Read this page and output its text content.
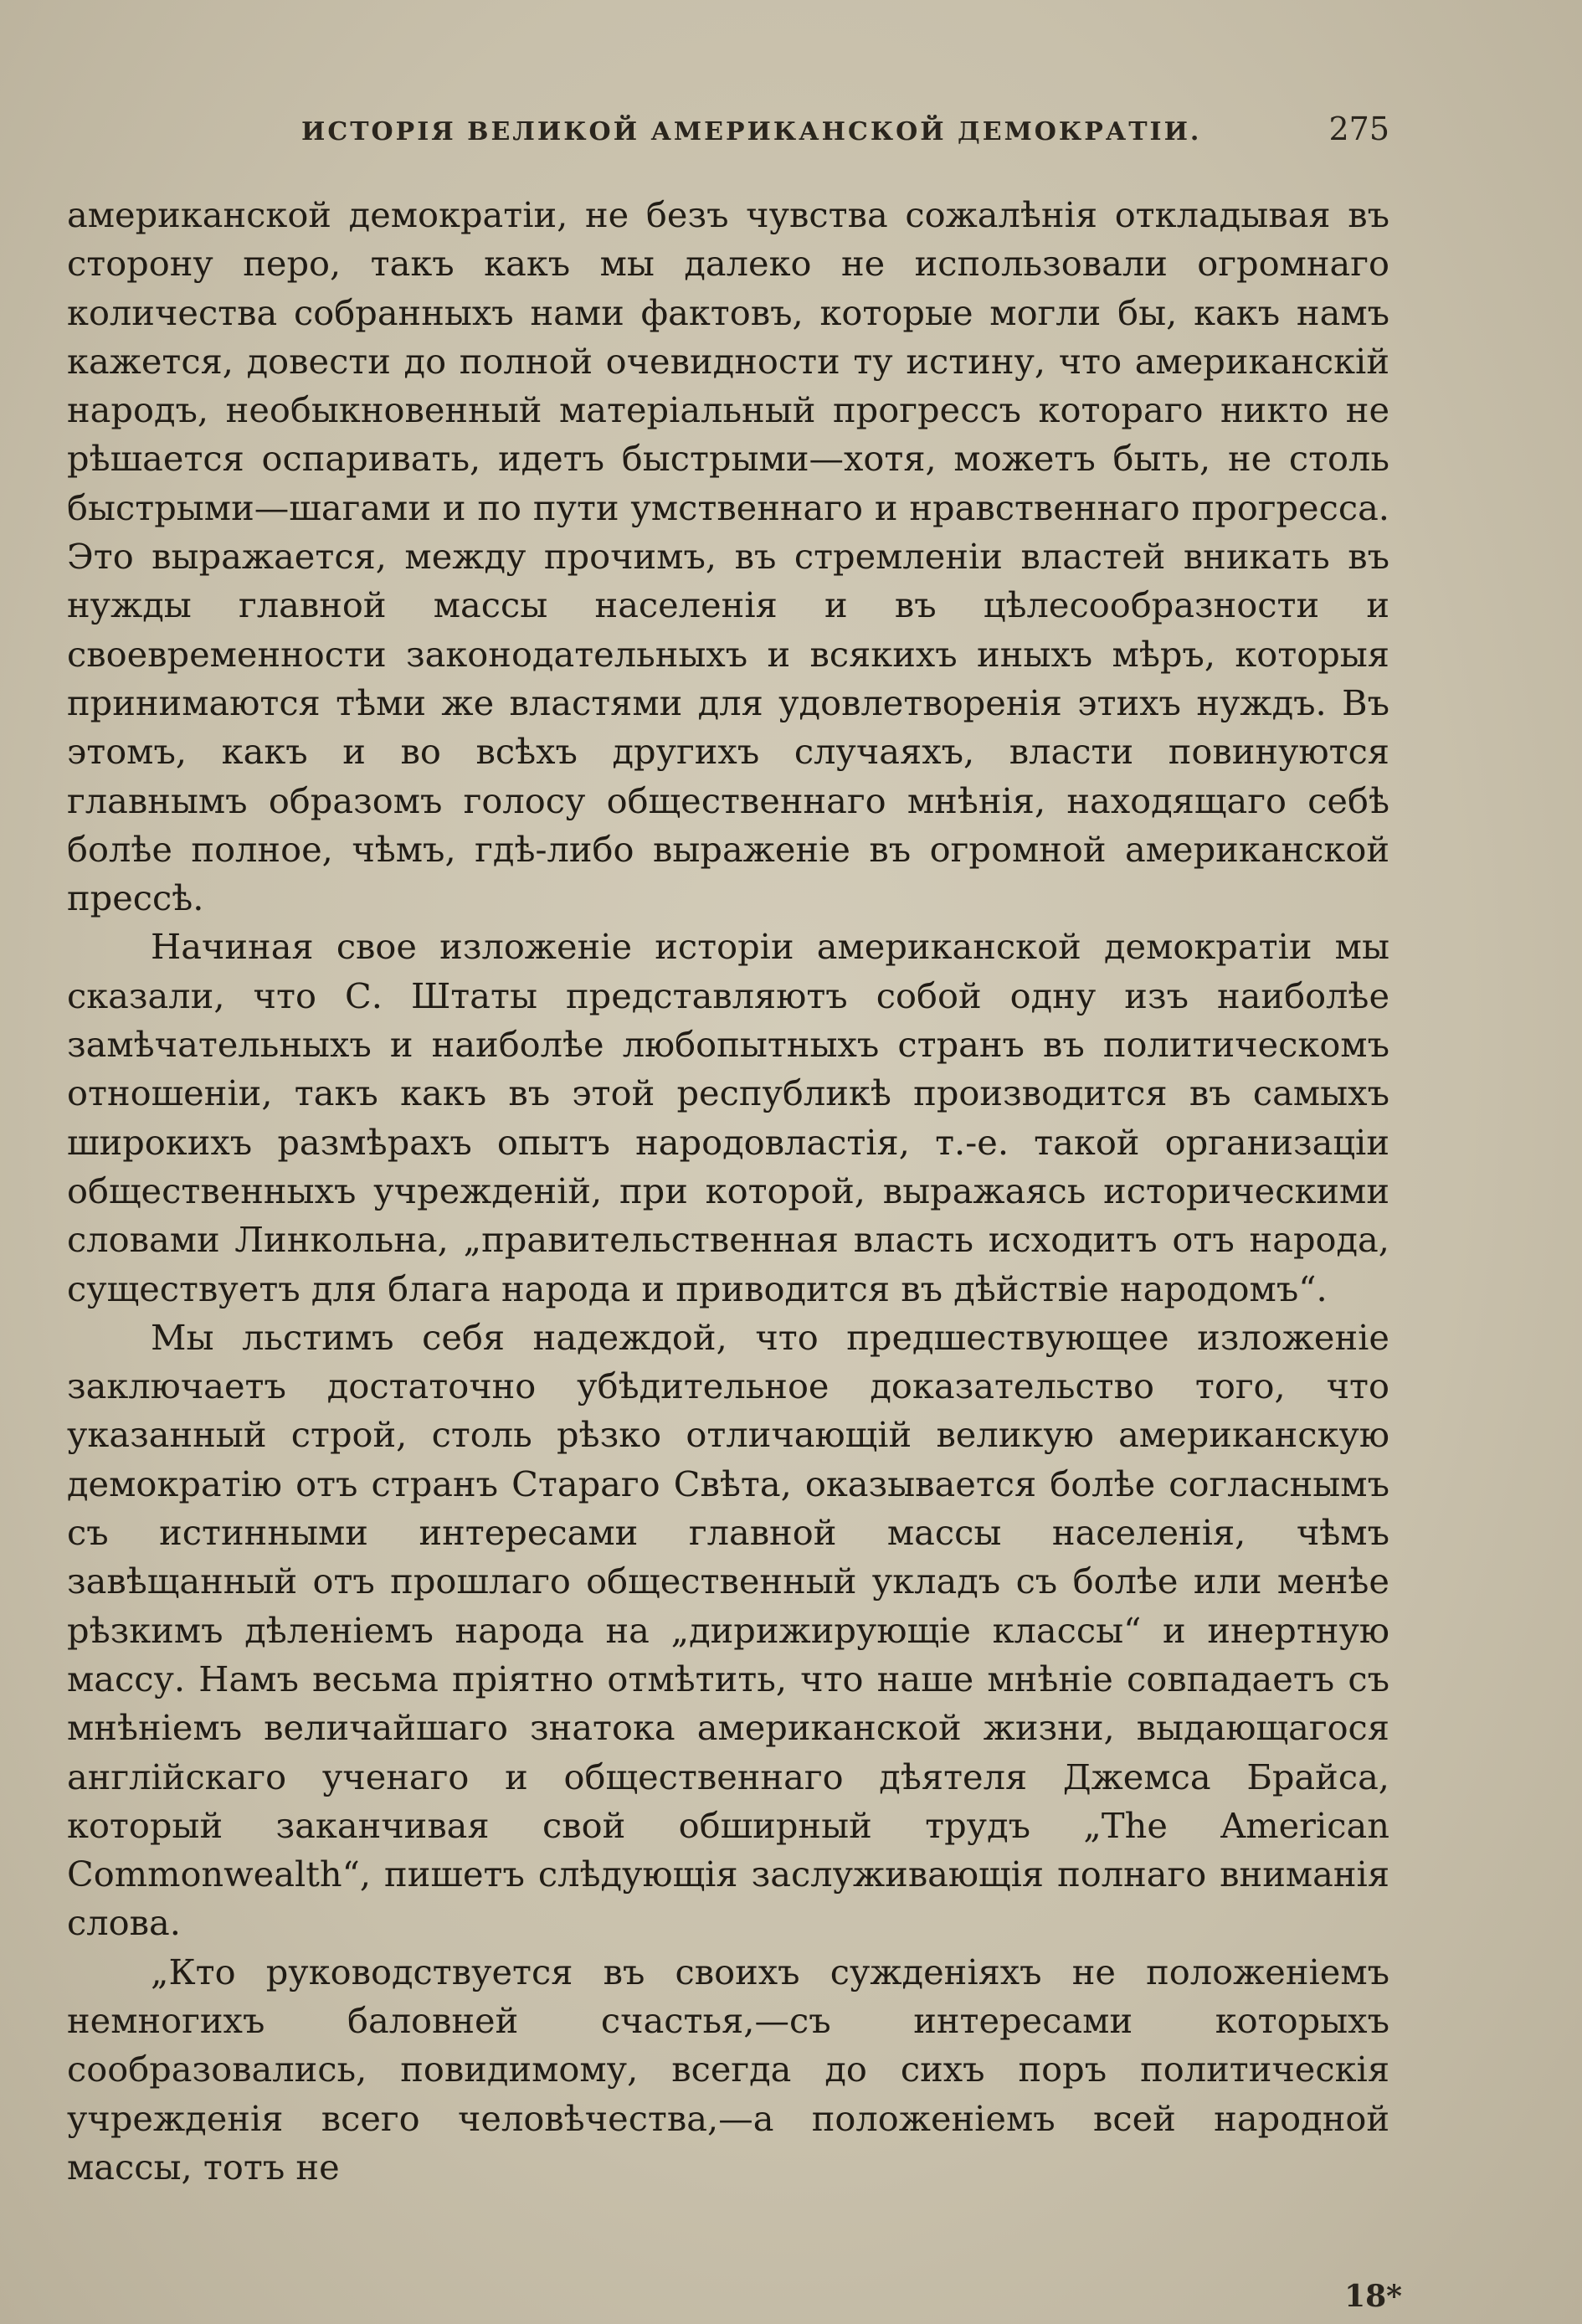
ИСТОРІЯ ВЕЛИКОЙ АМЕРИКАНСКОЙ ДЕМОКРАТІИ.	275

американской демократіи, не безъ чувства сожалѣнія откладывая въ сторону перо, такъ какъ мы далеко не использовали огромнаго количества собранныхъ нами фактовъ, которые могли бы, какъ намъ кажется, довести до полной очевидности ту истину, что американскій народъ, необыкновенный матеріальный прогрессъ котораго никто не рѣшается оспаривать, идетъ быстрыми—хотя, можетъ быть, не столь быстрыми—шагами и по пути умственнаго и нравственнаго прогресса. Это выражается, между прочимъ, въ стремленіи властей вникать въ нужды главной массы населенія и въ цѣлесообразности и своевременности законодательныхъ и всякихъ иныхъ мѣръ, которыя принимаются тѣми же властями для удовлетворенія этихъ нуждъ. Въ этомъ, какъ и во всѣхъ другихъ случаяхъ, власти повинуются главнымъ образомъ голосу общественнаго мнѣнія, находящаго себѣ болѣе полное, чѣмъ, гдѣ-либо выраженіе въ огромной американской прессѣ.

Начиная свое изложеніе исторіи американской демократіи мы сказали, что С. Штаты представляютъ собой одну изъ наиболѣе замѣчательныхъ и наиболѣе любопытныхъ странъ въ политическомъ отношеніи, такъ какъ въ этой республикѣ производится въ самыхъ широкихъ размѣрахъ опытъ народовластія, т.-е. такой организаціи общественныхъ учрежденій, при которой, выражаясь историческими словами Линкольна, „правительственная власть исходитъ отъ народа, существуетъ для блага народа и приводится въ дѣйствіе народомъ“.

Мы льстимъ себя надеждой, что предшествующее изложеніе заключаетъ достаточно убѣдительное доказательство того, что указанный строй, столь рѣзко отличающій великую американскую демократію отъ странъ Стараго Свѣта, оказывается болѣе согласнымъ съ истинными интересами главной массы населенія, чѣмъ завѣщанный отъ прошлаго общественный укладъ съ болѣе или менѣе рѣзкимъ дѣленіемъ народа на „дирижирующіе классы“ и инертную массу. Намъ весьма пріятно отмѣтить, что наше мнѣніе совпадаетъ съ мнѣніемъ величайшаго знатока американской жизни, выдающагося англійскаго ученаго и общественнаго дѣятеля Джемса Брайса, который заканчивая свой обширный трудъ „The American Commonwealth“, пишетъ слѣдующія заслуживающія полнаго вниманія слова.

„Кто руководствуется въ своихъ сужденіяхъ не положеніемъ немногихъ баловней счастья,—съ интересами которыхъ сообразовались, повидимому, всегда до сихъ поръ политическія учрежденія всего человѣчества,—а положеніемъ всей народной массы, тотъ не

18*
